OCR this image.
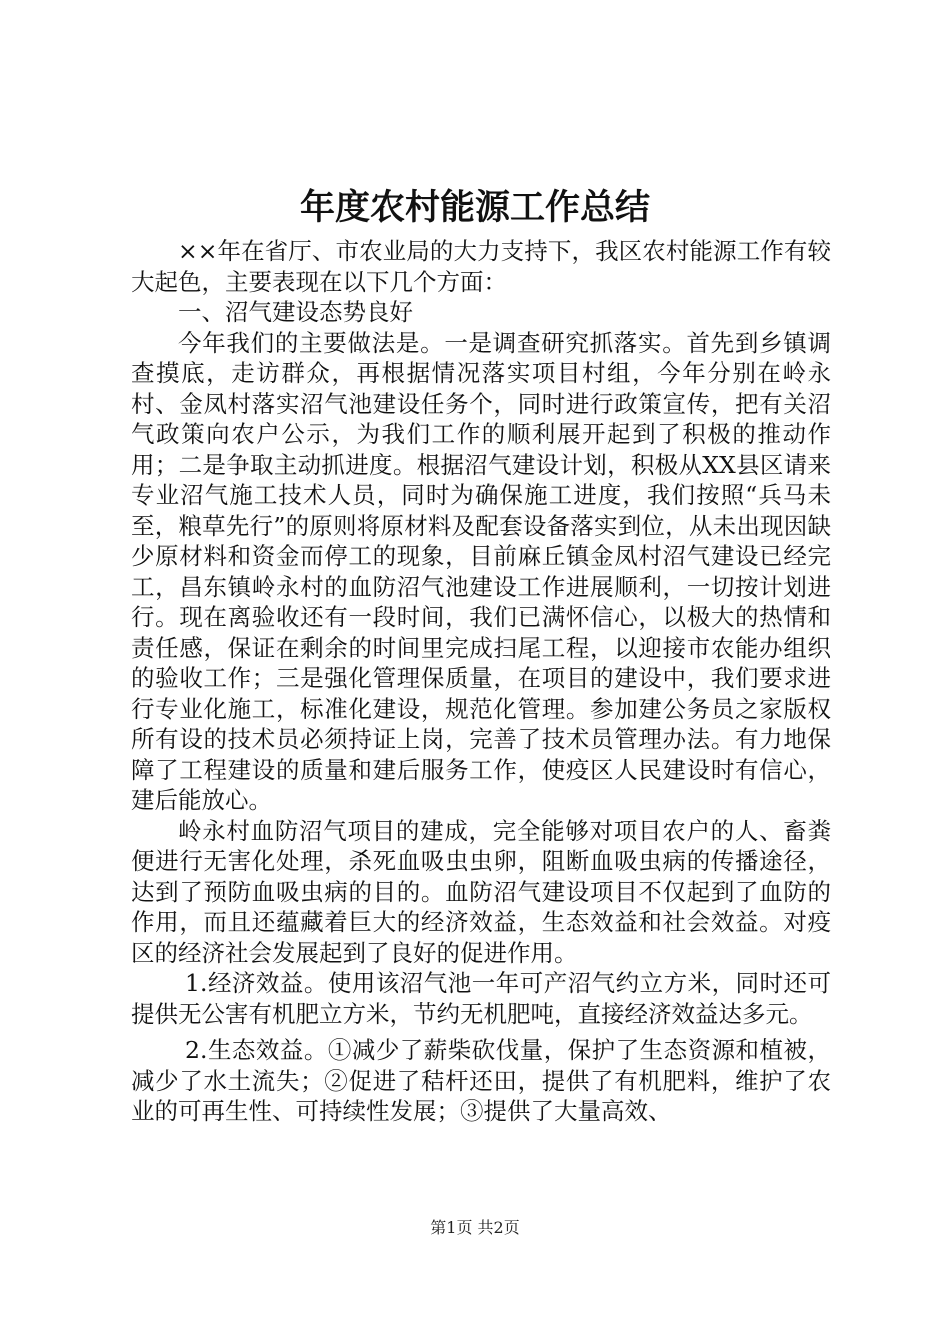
年度农村能源工作总结

××年在省厅、市农业局的大力支持下，我区农村能源工作有较大起色，主要表现在以下几个方面：

一、沼气建设态势良好

今年我们的主要做法是。一是调查研究抓落实。首先到乡镇调查摸底，走访群众，再根据情况落实项目村组，今年分别在岭永村、金凤村落实沼气池建设任务个，同时进行政策宣传，把有关沼气政策向农户公示，为我们工作的顺利展开起到了积极的推动作用；二是争取主动抓进度。根据沼气建设计划，积极从XX县区请来专业沼气施工技术人员，同时为确保施工进度，我们按照“兵马未至，粮草先行”的原则将原材料及配套设备落实到位，从未出现因缺少原材料和资金而停工的现象，目前麻丘镇金凤村沼气建设已经完工，昌东镇岭永村的血防沼气池建设工作进展顺利，一切按计划进行。现在离验收还有一段时间，我们已满怀信心，以极大的热情和责任感，保证在剩余的时间里完成扫尾工程，以迎接市农能办组织的验收工作；三是强化管理保质量，在项目的建设中，我们要求进行专业化施工，标准化建设，规范化管理。参加建公务员之家版权所有设的技术员必须持证上岗，完善了技术员管理办法。有力地保障了工程建设的质量和建后服务工作，使疫区人民建设时有信心，建后能放心。

岭永村血防沼气项目的建成，完全能够对项目农户的人、畜粪便进行无害化处理，杀死血吸虫虫卵，阻断血吸虫病的传播途径，达到了预防血吸虫病的目的。血防沼气建设项目不仅起到了血防的作用，而且还蕴藏着巨大的经济效益，生态效益和社会效益。对疫区的经济社会发展起到了良好的促进作用。

1.经济效益。使用该沼气池一年可产沼气约立方米，同时还可提供无公害有机肥立方米，节约无机肥吨，直接经济效益达多元。

2.生态效益。①减少了薪柴砍伐量，保护了生态资源和植被，减少了水土流失；②促进了秸杆还田，提供了有机肥料，维护了农业的可再生性、可持续性发展；③提供了大量高效、

第1页 共2页
